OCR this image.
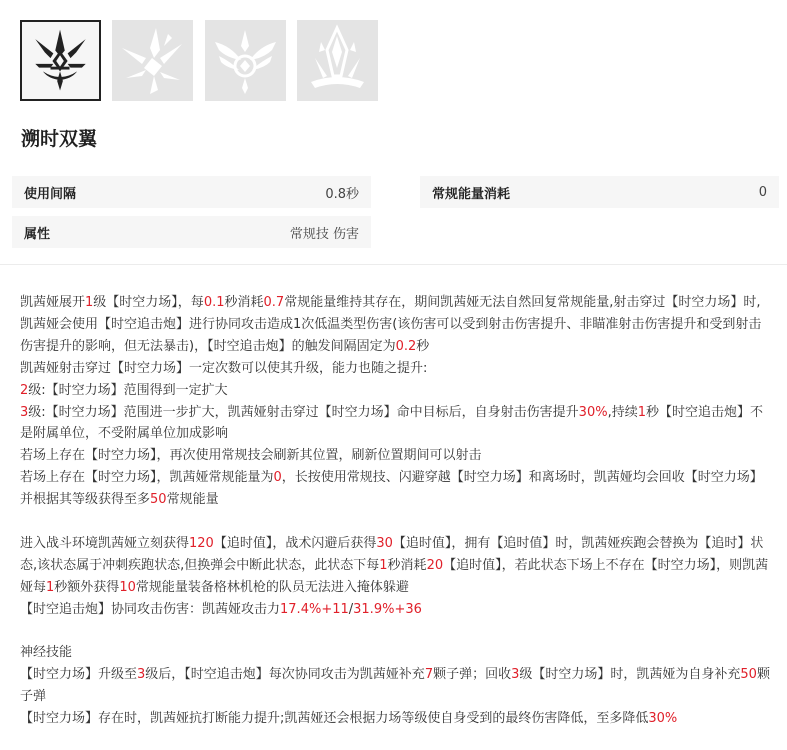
溯时双翼
使用间隔	0.8秒	常规能量消耗	0
属性	常规技 伤害

凯茜娅展开1级【时空力场】，每0.1秒消耗0.7常规能量维持其存在，期间凯茜娅无法自然回复常规能量,射击穿过【时空力场】时,凯茜娅会使用【时空追击炮】进行协同攻击造成1次低温类型伤害(该伤害可以受到射击伤害提升、非瞄准射击伤害提升和受到射击伤害提升的影响，但无法暴击)，【时空追击炮】的触发间隔固定为0.2秒

凯茜娅射击穿过【时空力场】一定次数可以使其升级，能力也随之提升:

2级:【时空力场】范围得到一定扩大

3级:【时空力场】范围进一步扩大，凯茜娅射击穿过【时空力场】命中目标后，自身射击伤害提升30%,持续1秒【时空追击炮】不是附属单位，不受附属单位加成影响

若场上存在【时空力场】，再次使用常规技会刷新其位置，刷新位置期间可以射击

若场上存在【时空力场】，凯茜娅常规能量为0，长按使用常规技、闪避穿越【时空力场】和离场时，凯茜娅均会回收【时空力场】并根据其等级获得至多50常规能量

进入战斗环境凯茜娅立刻获得120【追时值】，战术闪避后获得30【追时值】，拥有【追时值】时，凯茜娅疾跑会替换为【追时】状态,该状态属于冲刺疾跑状态,但换弹会中断此状态，此状态下每1秒消耗20【追时值】，若此状态下场上不存在【时空力场】，则凯茜娅每1秒额外获得10常规能量装备格林机枪的队员无法进入掩体躲避

【时空追击炮】协同攻击伤害：凯茜娅攻击力17.4%+11/31.9%+36

神经技能

【时空力场】升级至3级后，【时空追击炮】每次协同攻击为凯茜娅补充7颗子弹；回收3级【时空力场】时，凯茜娅为自身补充50颗子弹

【时空力场】存在时，凯茜娅抗打断能力提升;凯茜娅还会根据力场等级使自身受到的最终伤害降低，至多降低30%
